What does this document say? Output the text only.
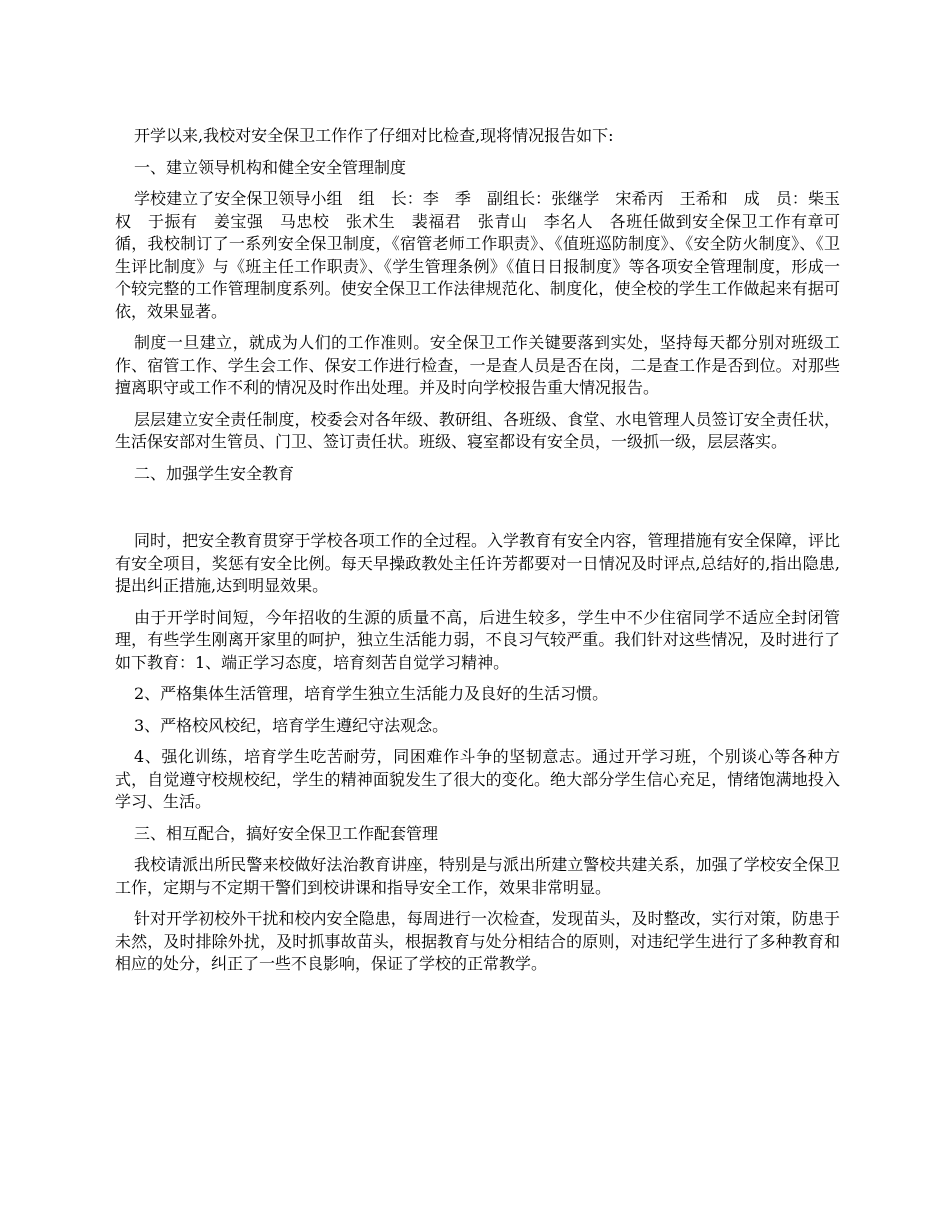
开学以来,我校对安全保卫工作作了仔细对比检查,现将情况报告如下:

一、建立领导机构和健全安全管理制度

学校建立了安全保卫领导小组　组　长：李　季　副组长：张继学　宋希丙　王希和　成　员：柴玉权　于振有　姜宝强　马忠校　张术生　裴福君　张青山　李名人　各班任做到安全保卫工作有章可循，我校制订了一系列安全保卫制度，《宿管老师工作职责》、《值班巡防制度》、《安全防火制度》、《卫生评比制度》与《班主任工作职责》、《学生管理条例》《值日日报制度》等各项安全管理制度，形成一个较完整的工作管理制度系列。使安全保卫工作法律规范化、制度化，使全校的学生工作做起来有据可依，效果显著。

制度一旦建立，就成为人们的工作准则。安全保卫工作关键要落到实处，坚持每天都分别对班级工作、宿管工作、学生会工作、保安工作进行检查，一是查人员是否在岗，二是查工作是否到位。对那些擅离职守或工作不利的情况及时作出处理。并及时向学校报告重大情况报告。

层层建立安全责任制度，校委会对各年级、教研组、各班级、食堂、水电管理人员签订安全责任状，生活保安部对生管员、门卫、签订责任状。班级、寝室都设有安全员，一级抓一级，层层落实。

二、加强学生安全教育

同时，把安全教育贯穿于学校各项工作的全过程。入学教育有安全内容，管理措施有安全保障，评比有安全项目，奖惩有安全比例。每天早操政教处主任许芳都要对一日情况及时评点,总结好的,指出隐患,提出纠正措施,达到明显效果。

由于开学时间短，今年招收的生源的质量不高，后进生较多，学生中不少住宿同学不适应全封闭管理，有些学生刚离开家里的呵护，独立生活能力弱，不良习气较严重。我们针对这些情况，及时进行了如下教育：1、端正学习态度，培育刻苦自觉学习精神。

2、严格集体生活管理，培育学生独立生活能力及良好的生活习惯。

3、严格校风校纪，培育学生遵纪守法观念。

4、强化训练，培育学生吃苦耐劳，同困难作斗争的坚韧意志。通过开学习班，个别谈心等各种方式，自觉遵守校规校纪，学生的精神面貌发生了很大的变化。绝大部分学生信心充足，情绪饱满地投入学习、生活。

三、相互配合，搞好安全保卫工作配套管理

我校请派出所民警来校做好法治教育讲座，特别是与派出所建立警校共建关系，加强了学校安全保卫工作，定期与不定期干警们到校讲课和指导安全工作，效果非常明显。

针对开学初校外干扰和校内安全隐患，每周进行一次检查，发现苗头，及时整改，实行对策，防患于未然，及时排除外扰，及时抓事故苗头，根据教育与处分相结合的原则，对违纪学生进行了多种教育和相应的处分，纠正了一些不良影响，保证了学校的正常教学。
